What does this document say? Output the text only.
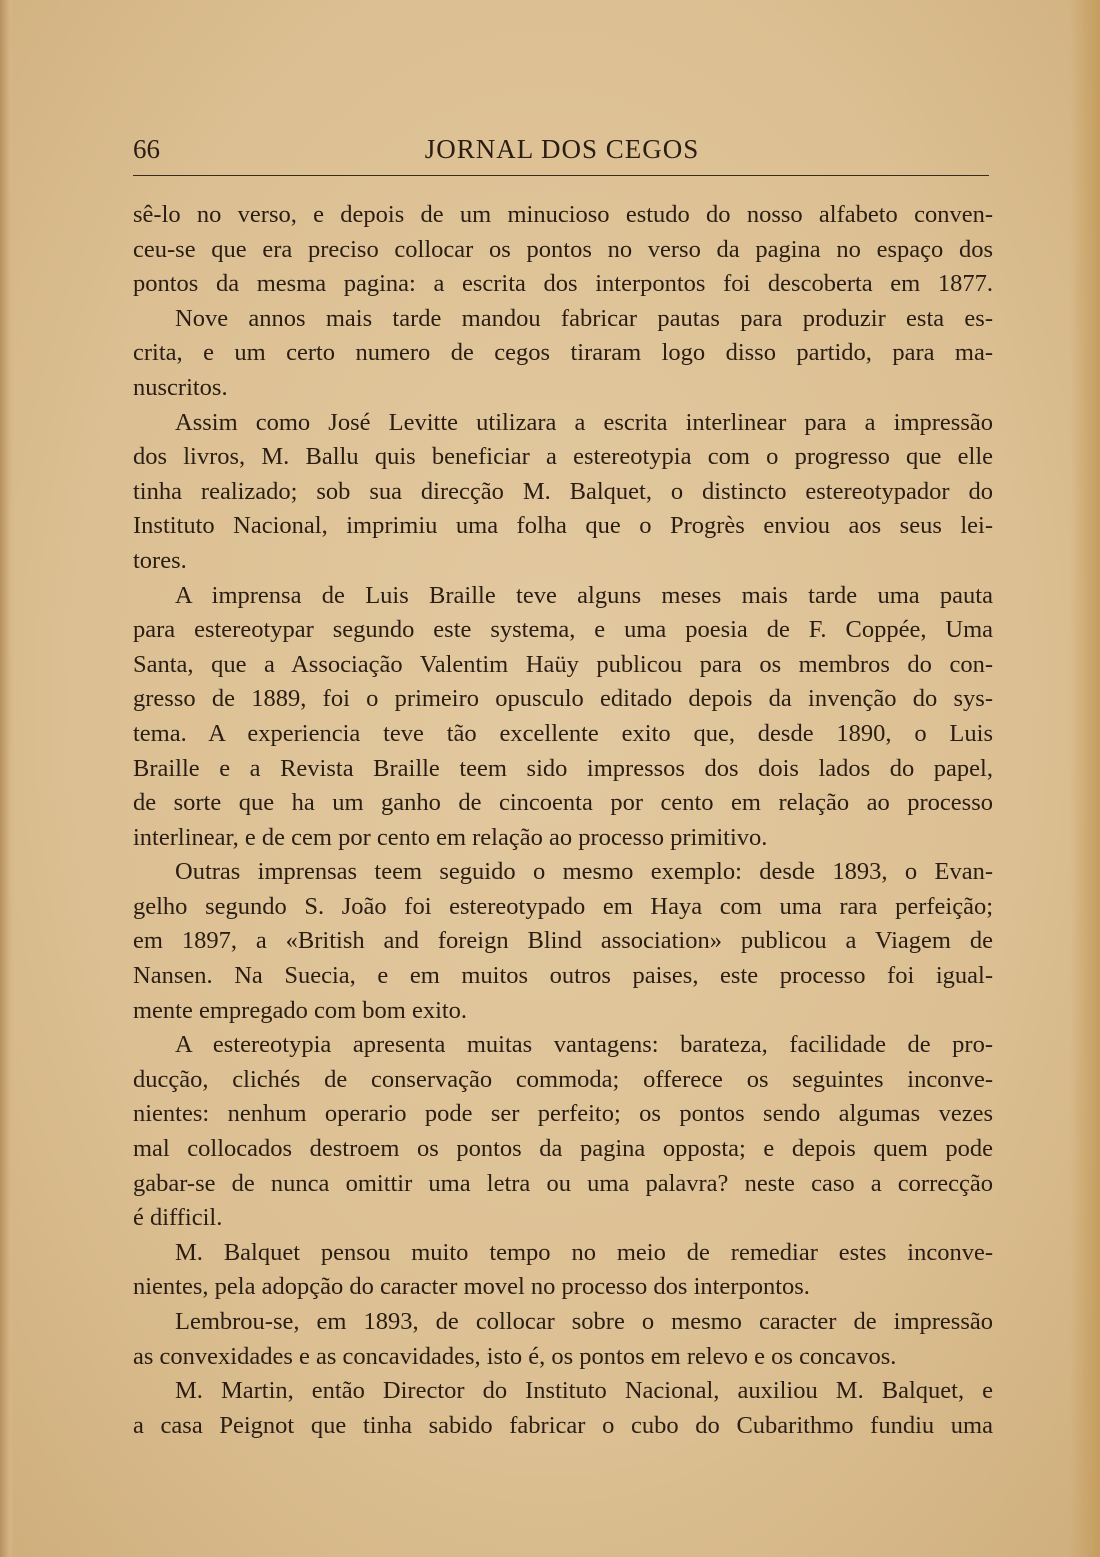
66	JORNAL DOS CEGOS
sê-lo no verso, e depois de um minucioso estudo do nosso alfabeto conven-
ceu-se que era preciso collocar os pontos no verso da pagina no espaço dos
pontos da mesma pagina: a escrita dos interpontos foi descoberta em 1877.
Nove annos mais tarde mandou fabricar pautas para produzir esta es-
crita, e um certo numero de cegos tiraram logo disso partido, para ma-
nuscritos.
Assim como José Levitte utilizara a escrita interlinear para a impressão
dos livros, M. Ballu quis beneficiar a estereotypia com o progresso que elle
tinha realizado; sob sua direcção M. Balquet, o distincto estereotypador do
Instituto Nacional, imprimiu uma folha que o Progrès enviou aos seus lei-
tores.
A imprensa de Luis Braille teve alguns meses mais tarde uma pauta
para estereotypar segundo este systema, e uma poesia de F. Coppée, Uma
Santa, que a Associação Valentim Haüy publicou para os membros do con-
gresso de 1889, foi o primeiro opusculo editado depois da invenção do sys-
tema. A experiencia teve tão excellente exito que, desde 1890, o Luis
Braille e a Revista Braille teem sido impressos dos dois lados do papel,
de sorte que ha um ganho de cincoenta por cento em relação ao processo
interlinear, e de cem por cento em relação ao processo primitivo.
Outras imprensas teem seguido o mesmo exemplo: desde 1893, o Evan-
gelho segundo S. João foi estereotypado em Haya com uma rara perfeição;
em 1897, a «British and foreign Blind association» publicou a Viagem de
Nansen. Na Suecia, e em muitos outros paises, este processo foi igual-
mente empregado com bom exito.
A estereotypia apresenta muitas vantagens: barateza, facilidade de pro-
ducção, clichés de conservação commoda; offerece os seguintes inconve-
nientes: nenhum operario pode ser perfeito; os pontos sendo algumas vezes
mal collocados destroem os pontos da pagina opposta; e depois quem pode
gabar-se de nunca omittir uma letra ou uma palavra? neste caso a correcção
é difficil.
M. Balquet pensou muito tempo no meio de remediar estes inconve-
nientes, pela adopção do caracter movel no processo dos interpontos.
Lembrou-se, em 1893, de collocar sobre o mesmo caracter de impressão
as convexidades e as concavidades, isto é, os pontos em relevo e os concavos.
M. Martin, então Director do Instituto Nacional, auxiliou M. Balquet, e
a casa Peignot que tinha sabido fabricar o cubo do Cubarithmo fundiu uma
